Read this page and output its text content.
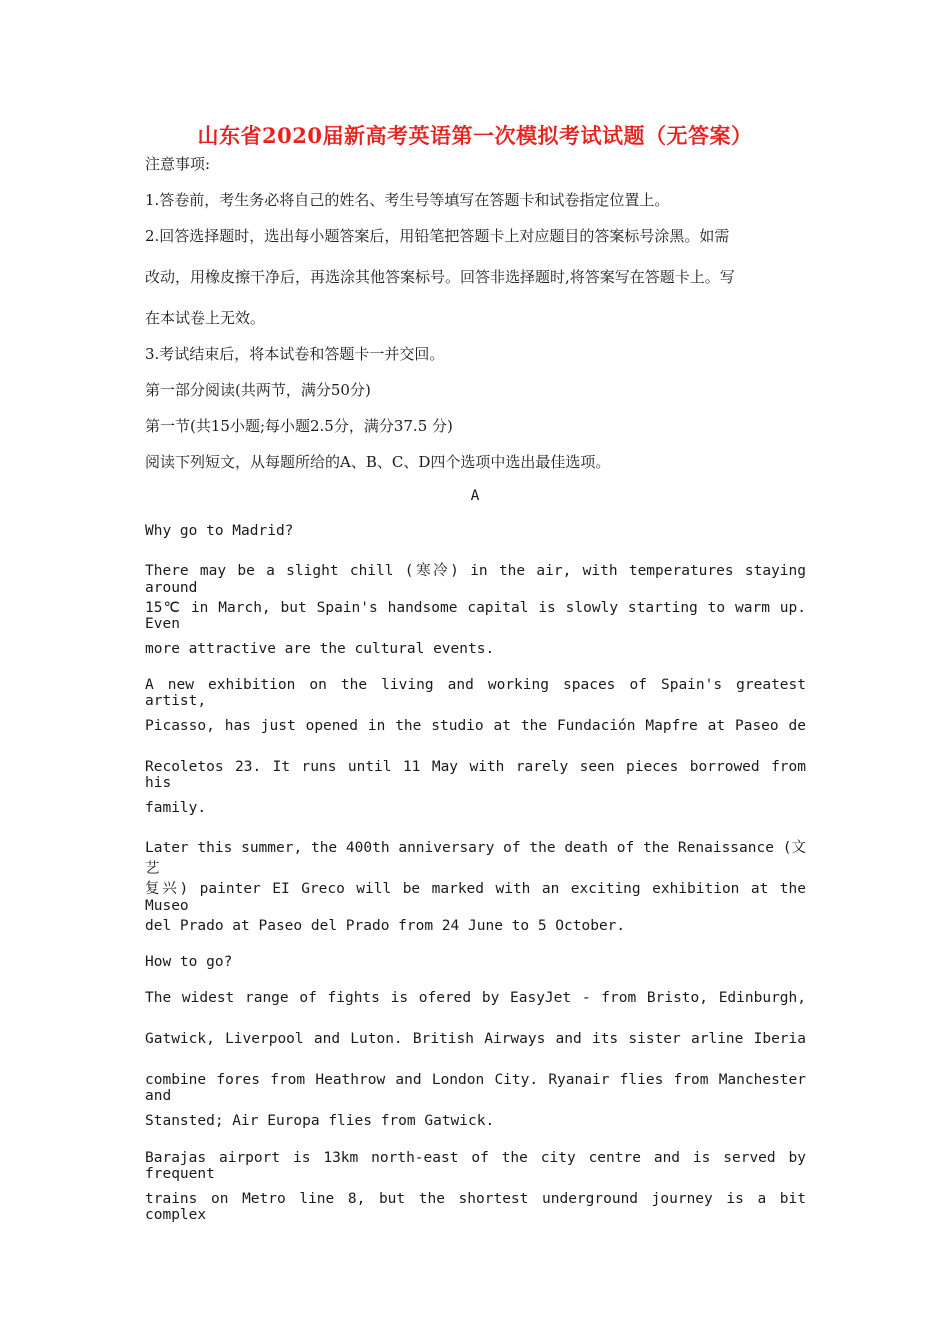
山东省2020届新高考英语第一次模拟考试试题（无答案）
注意事项:
1.答卷前，考生务必将自己的姓名、考生号等填写在答题卡和试卷指定位置上。
2.回答选择题时，选出每小题答案后，用铅笔把答题卡上对应题目的答案标号涂黑。如需
改动，用橡皮擦干净后，再选涂其他答案标号。回答非选择题时,将答案写在答题卡上。写
在本试卷上无效。
3.考试结束后，将本试卷和答题卡一并交回。
第一部分阅读(共两节，满分50分)
第一节(共15小题;每小题2.5分，满分37.5 分)
阅读下列短文，从每题所给的A、B、C、D四个选项中选出最佳选项。
A
Why go to Madrid?
There may be a slight chill (寒冷) in the air, with temperatures staying around
15℃ in March, but Spain's handsome capital is slowly starting to warm up. Even
more attractive are the cultural events.
A new exhibition on the living and working spaces of Spain's greatest artist,
Picasso, has just opened in the studio at the Fundación Mapfre at Paseo de
Recoletos 23. It runs until 11 May with rarely seen pieces borrowed from his
family.
Later this summer, the 400th anniversary of the death of the Renaissance (文艺
复兴) painter EI Greco will be marked with an exciting exhibition at the Museo
del Prado at Paseo del Prado from 24 June to 5 October.
How to go?
The widest range of fights is ofered by EasyJet - from Bristo, Edinburgh,
Gatwick, Liverpool and Luton. British Airways and its sister arline Iberia
combine fores from Heathrow and London City. Ryanair flies from Manchester and
Stansted; Air Europa flies from Gatwick.
Barajas airport is 13km north-east of the city centre and is served by frequent
trains on Metro line 8, but the shortest underground journey is a bit complex
